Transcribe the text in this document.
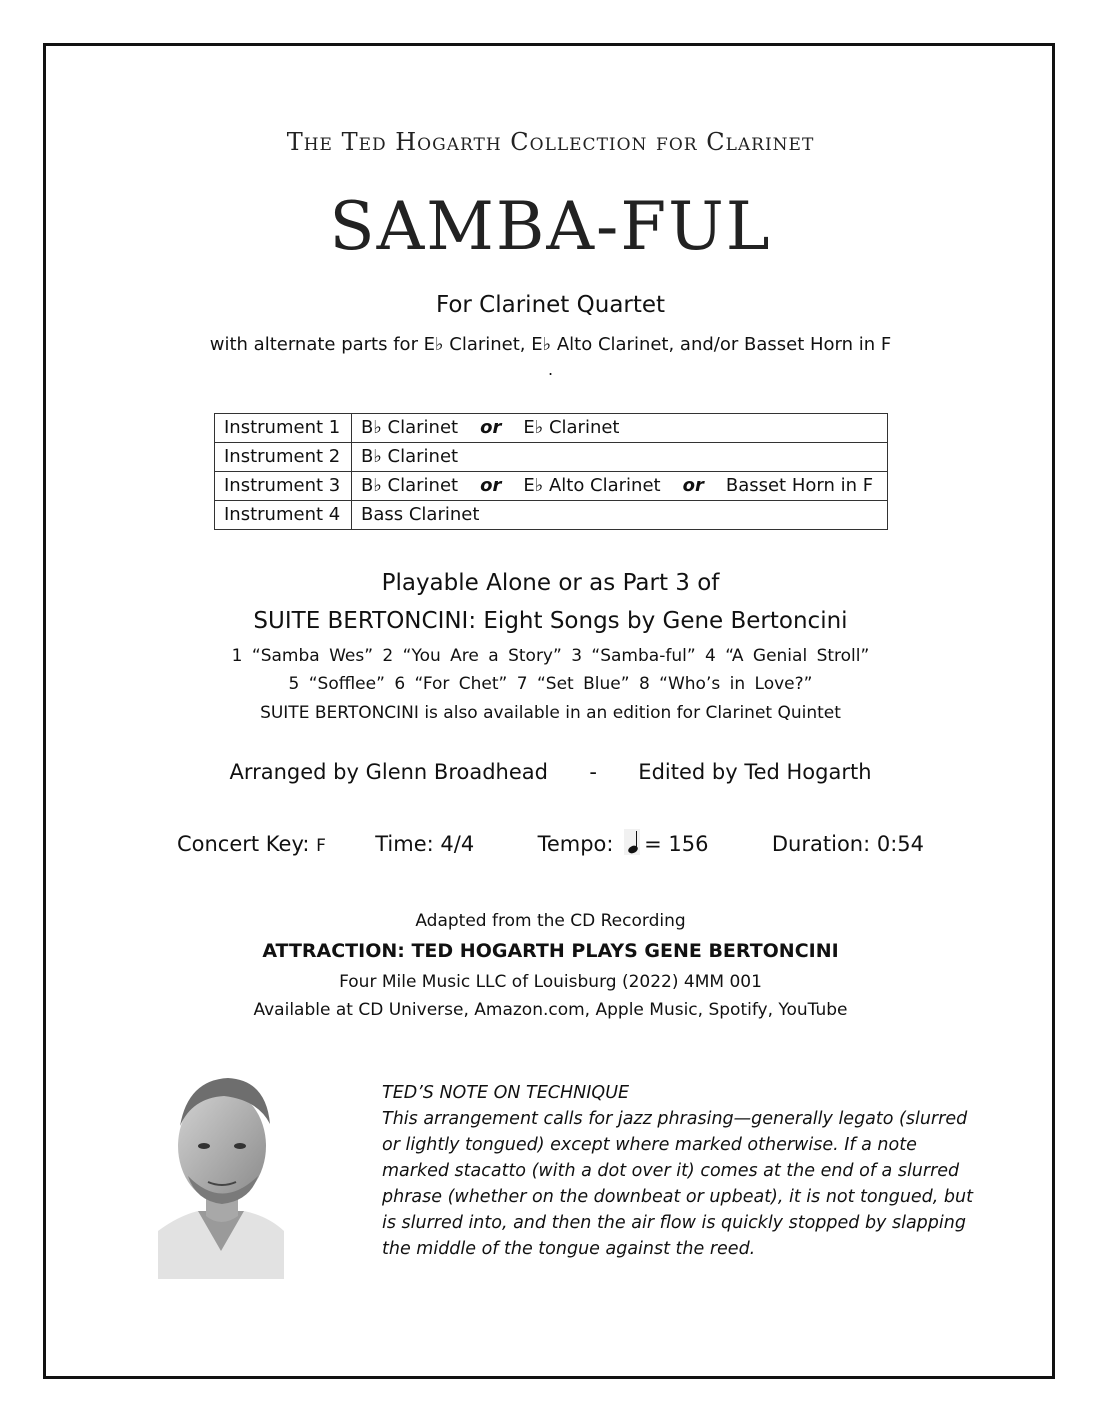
The Ted Hogarth Collection for Clarinet
SAMBA-FUL
For Clarinet Quartet
with alternate parts for E♭ Clarinet, E♭ Alto Clarinet, and/or Basset Horn in F
.
Instrument 1	B♭ Clarinet or E♭ Clarinet
Instrument 2	B♭ Clarinet
Instrument 3	B♭ Clarinet or E♭ Alto Clarinet or Basset Horn in F
Instrument 4	Bass Clarinet
Playable Alone or as Part 3 of
SUITE BERTONCINI: Eight Songs by Gene Bertoncini
1 “Samba Wes” 2 “You Are a Story” 3 “Samba-ful” 4 “A Genial Stroll”
5 “Sofflee” 6 “For Chet” 7 “Set Blue” 8 “Who’s in Love?”
SUITE BERTONCINI is also available in an edition for Clarinet Quintet
Arranged by Glenn Broadhead - Edited by Ted Hogarth
Concert Key: F Time: 4/4	Tempo: = 156	Duration: 0:54
Adapted from the CD Recording
ATTRACTION: TED HOGARTH PLAYS GENE BERTONCINI
Four Mile Music LLC of Louisburg (2022) 4MM 001
Available at CD Universe, Amazon.com, Apple Music, Spotify, YouTube

TED’S NOTE ON TECHNIQUE

This arrangement calls for jazz phrasing—generally legato (slurred or lightly tongued) except where marked otherwise. If a note marked stacatto (with a dot over it) comes at the end of a slurred phrase (whether on the downbeat or upbeat), it is not tongued, but is slurred into, and then the air flow is quickly stopped by slapping the middle of the tongue against the reed.
